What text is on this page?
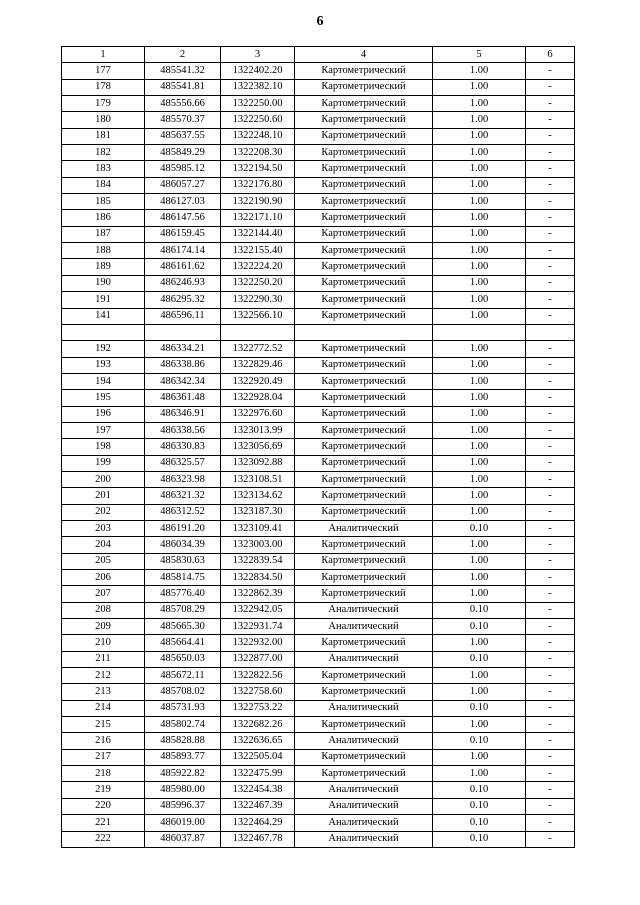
6
1	2	3	4	5	6
177	485541.32	1322402.20	Картометрический	1.00	-
178	485541.81	1322382.10	Картометрический	1.00	-
179	485556.66	1322250.00	Картометрический	1.00	-
180	485570.37	1322250.60	Картометрический	1.00	-
181	485637.55	1322248.10	Картометрический	1.00	-
182	485849.29	1322208.30	Картометрический	1.00	-
183	485985.12	1322194.50	Картометрический	1.00	-
184	486057.27	1322176.80	Картометрический	1.00	-
185	486127.03	1322190.90	Картометрический	1.00	-
186	486147.56	1322171.10	Картометрический	1.00	-
187	486159.45	1322144.40	Картометрический	1.00	-
188	486174.14	1322155.40	Картометрический	1.00	-
189	486161.62	1322224.20	Картометрический	1.00	-
190	486246.93	1322250.20	Картометрический	1.00	-
191	486295.32	1322290.30	Картометрический	1.00	-
141	486596.11	1322566.10	Картометрический	1.00	-

192	486334.21	1322772.52	Картометрический	1.00	-
193	486338.86	1322829.46	Картометрический	1.00	-
194	486342.34	1322920.49	Картометрический	1.00	-
195	486361.48	1322928.04	Картометрический	1.00	-
196	486346.91	1322976.60	Картометрический	1.00	-
197	486338.56	1323013.99	Картометрический	1.00	-
198	486330.83	1323056.69	Картометрический	1.00	-
199	486325.57	1323092.88	Картометрический	1.00	-
200	486323.98	1323108.51	Картометрический	1.00	-
201	486321.32	1323134.62	Картометрический	1.00	-
202	486312.52	1323187.30	Картометрический	1.00	-
203	486191.20	1323109.41	Аналитический	0.10	-
204	486034.39	1323003.00	Картометрический	1.00	-
205	485830.63	1322839.54	Картометрический	1.00	-
206	485814.75	1322834.50	Картометрический	1.00	-
207	485776.40	1322862.39	Картометрический	1.00	-
208	485708.29	1322942.05	Аналитический	0.10	-
209	485665.30	1322931.74	Аналитический	0.10	-
210	485664.41	1322932.00	Картометрический	1.00	-
211	485650.03	1322877.00	Аналитический	0.10	-
212	485672.11	1322822.56	Картометрический	1.00	-
213	485708.02	1322758.60	Картометрический	1.00	-
214	485731.93	1322753.22	Аналитический	0.10	-
215	485802.74	1322682.26	Картометрический	1.00	-
216	485828.88	1322636.65	Аналитический	0.10	-
217	485893.77	1322505.04	Картометрический	1.00	-
218	485922.82	1322475.99	Картометрический	1.00	-
219	485980.00	1322454.38	Аналитический	0.10	-
220	485996.37	1322467.39	Аналитический	0.10	-
221	486019.00	1322464.29	Аналитический	0.10	-
222	486037.87	1322467.78	Аналитический	0.10	-
